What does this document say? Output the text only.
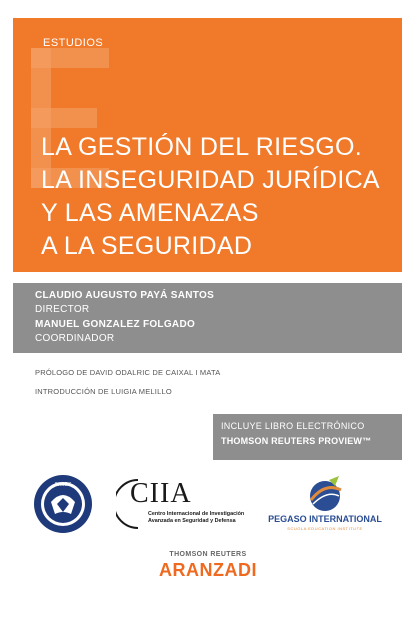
ESTUDIOS
LA GESTIÓN DEL RIESGO.
LA INSEGURIDAD JURÍDICA
Y LAS AMENAZAS
A LA SEGURIDAD
CLAUDIO AUGUSTO PAYÁ SANTOS
DIRECTOR
MANUEL GONZALEZ FOLGADO
COORDINADOR
PRÓLOGO DE DAVID ODALRIC DE CAIXAL I MATA
INTRODUCCIÓN DE LUIGIA MELILLO
INCLUYE LIBRO ELECTRÓNICO
THOMSON REUTERS PROVIEW™
INISEC CIIA
Centro Internacional de Investigación
Avanzada en Seguridad y Defensa	PEGASO INTERNATIONAL
SCUOLA EDUCATION INSTITUTE
THOMSON REUTERS
ARANZADI
